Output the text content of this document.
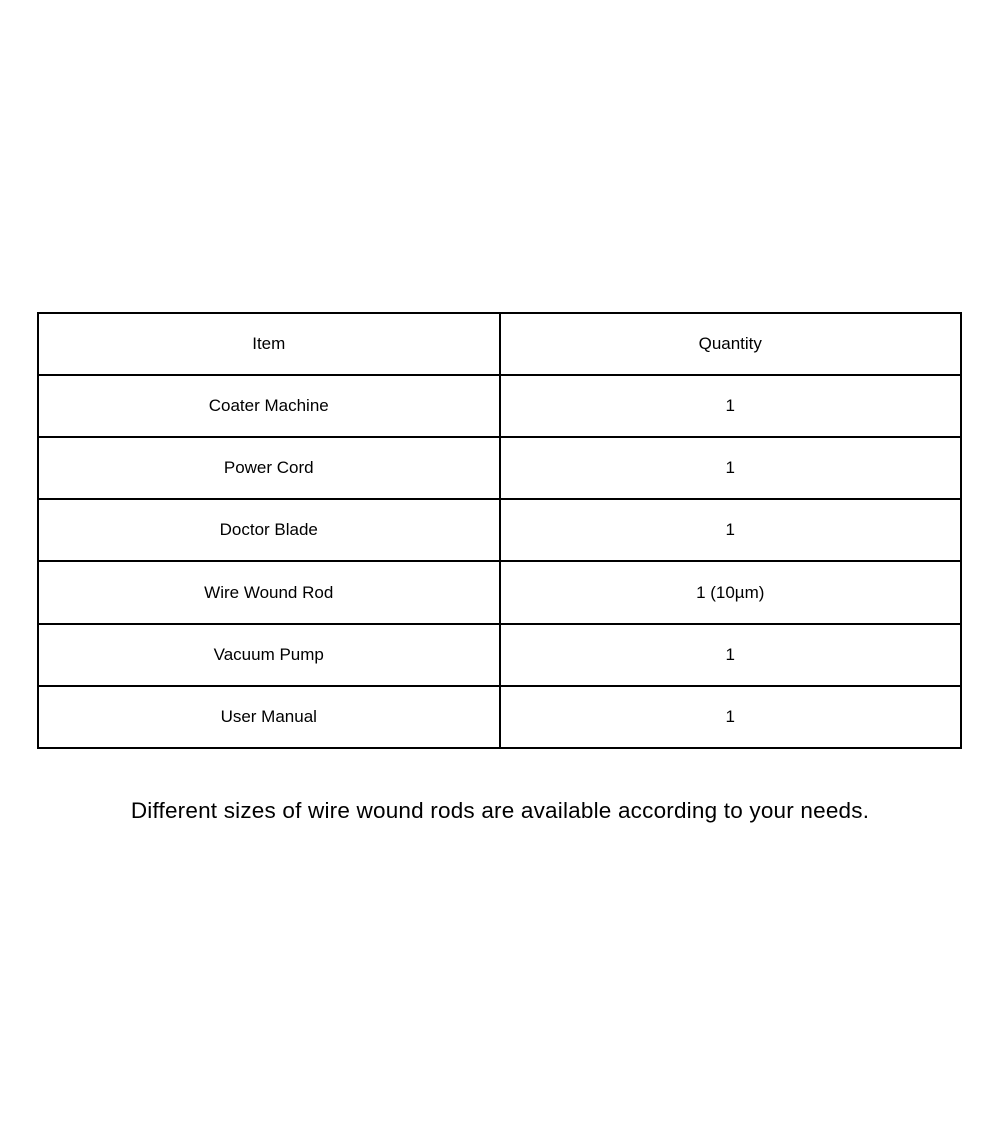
Item	Quantity
Coater Machine	1
Power Cord	1
Doctor Blade	1
Wire Wound Rod	1 (10µm)
Vacuum Pump	1
User Manual	1
Different sizes of wire wound rods are available according to your needs.
